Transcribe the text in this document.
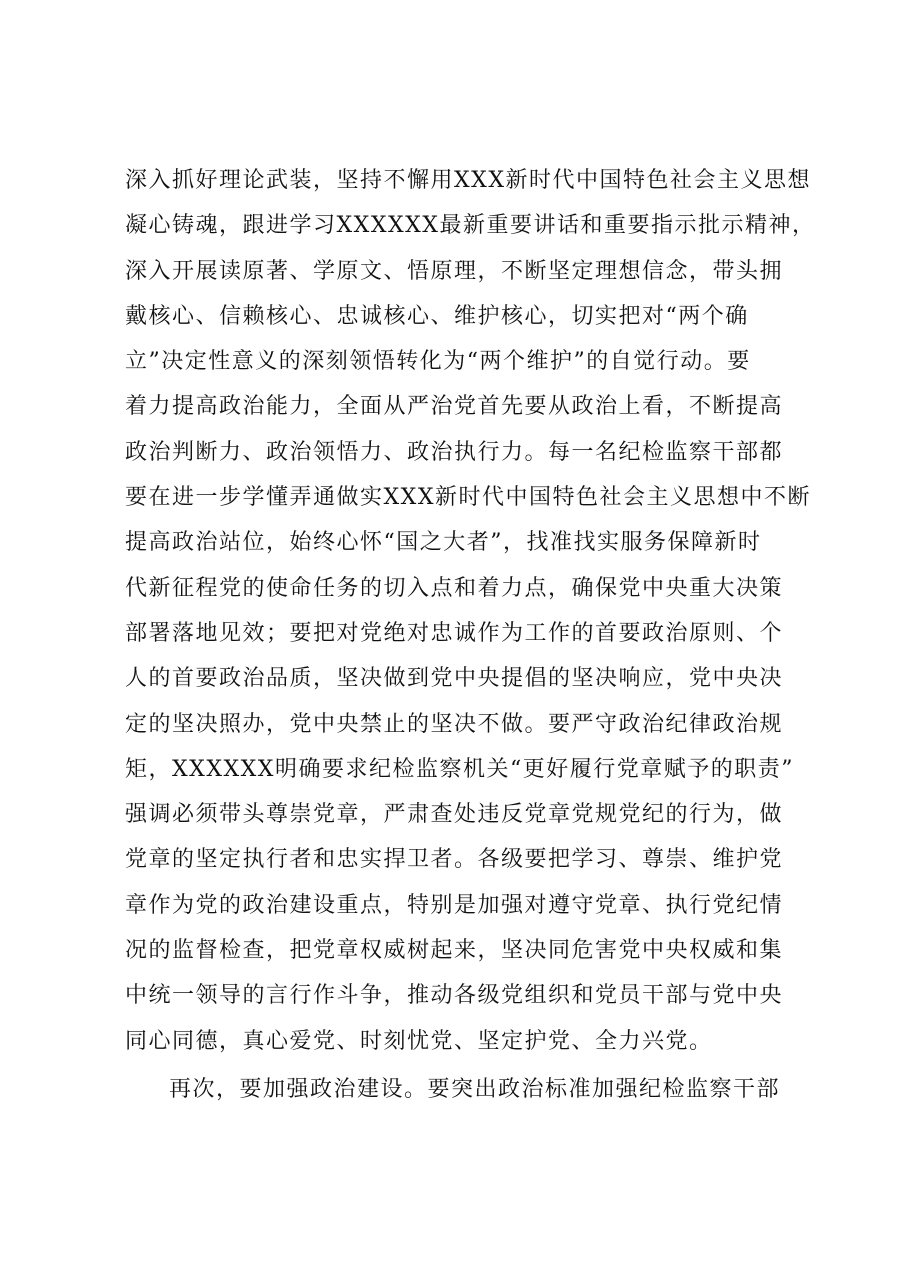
深入抓好理论武装，坚持不懈用XXX新时代中国特色社会主义思想
凝心铸魂，跟进学习XXXXXX最新重要讲话和重要指示批示精神，
深入开展读原著、学原文、悟原理，不断坚定理想信念，带头拥
戴核心、信赖核心、忠诚核心、维护核心，切实把对“两个确
立”决定性意义的深刻领悟转化为“两个维护”的自觉行动。要
着力提高政治能力，全面从严治党首先要从政治上看，不断提高
政治判断力、政治领悟力、政治执行力。每一名纪检监察干部都
要在进一步学懂弄通做实XXX新时代中国特色社会主义思想中不断
提高政治站位，始终心怀“国之大者”，找准找实服务保障新时
代新征程党的使命任务的切入点和着力点，确保党中央重大决策
部署落地见效；要把对党绝对忠诚作为工作的首要政治原则、个
人的首要政治品质，坚决做到党中央提倡的坚决响应，党中央决
定的坚决照办，党中央禁止的坚决不做。要严守政治纪律政治规
矩，XXXXXX明确要求纪检监察机关“更好履行党章赋予的职责”
强调必须带头尊崇党章，严肃查处违反党章党规党纪的行为，做
党章的坚定执行者和忠实捍卫者。各级要把学习、尊崇、维护党
章作为党的政治建设重点，特别是加强对遵守党章、执行党纪情
况的监督检查，把党章权威树起来，坚决同危害党中央权威和集
中统一领导的言行作斗争，推动各级党组织和党员干部与党中央
同心同德，真心爱党、时刻忧党、坚定护党、全力兴党。
再次，要加强政治建设。要突出政治标准加强纪检监察干部
